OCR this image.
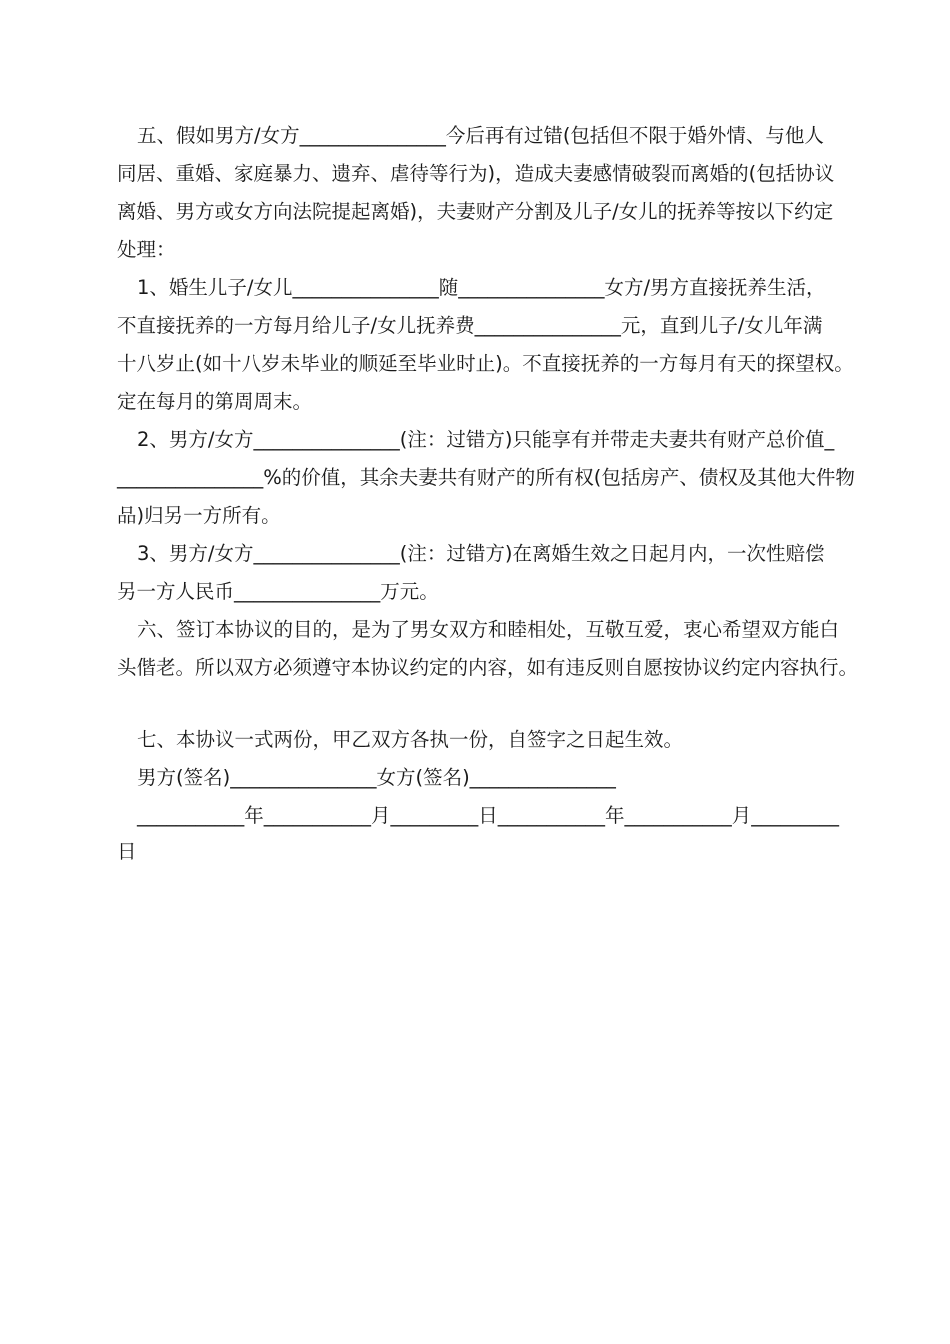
五、假如男方/女方_______________今后再有过错(包括但不限于婚外情、与他人
同居、重婚、家庭暴力、遗弃、虐待等行为)，造成夫妻感情破裂而离婚的(包括协议
离婚、男方或女方向法院提起离婚)，夫妻财产分割及儿子/女儿的抚养等按以下约定
处理：
1、婚生儿子/女儿_______________随_______________女方/男方直接抚养生活，
不直接抚养的一方每月给儿子/女儿抚养费_______________元，直到儿子/女儿年满
十八岁止(如十八岁未毕业的顺延至毕业时止)。不直接抚养的一方每月有天的探望权。
定在每月的第周周末。
2、男方/女方_______________(注：过错方)只能享有并带走夫妻共有财产总价值_
_______________%的价值，其余夫妻共有财产的所有权(包括房产、债权及其他大件物
品)归另一方所有。
3、男方/女方_______________(注：过错方)在离婚生效之日起月内，一次性赔偿
另一方人民币_______________万元。
六、签订本协议的目的，是为了男女双方和睦相处，互敬互爱，衷心希望双方能白
头偕老。所以双方必须遵守本协议约定的内容，如有违反则自愿按协议约定内容执行。
七、本协议一式两份，甲乙双方各执一份，自签字之日起生效。
男方(签名)_______________女方(签名)_______________
___________年___________月_________日___________年___________月_________
日
